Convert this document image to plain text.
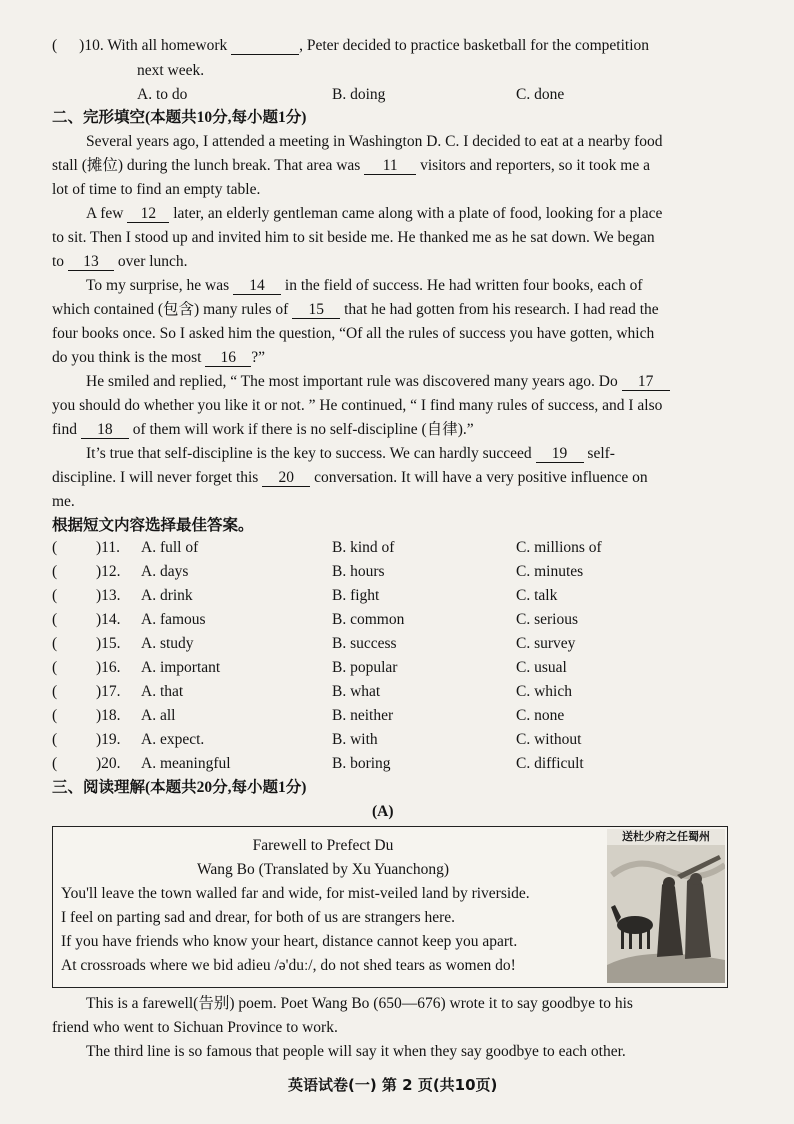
( )10. With all homework	, Peter decided to practice basketball for the competition
next week.
A. to do	B. doing	C. done
二、完形填空(本题共10分,每小题1分)
Several years ago, I attended a meeting in Washington D. C. I decided to eat at a nearby food
stall (摊位) during the lunch break. That area was 11 visitors and reporters, so it took me a
lot of time to find an empty table.
A few 12 later, an elderly gentleman came along with a plate of food, looking for a place
to sit. Then I stood up and invited him to sit beside me. He thanked me as he sat down. We began
to 13 over lunch.
To my surprise, he was 14 in the field of success. He had written four books, each of
which contained (包含) many rules of 15 that he had gotten from his research. I had read the
four books once. So I asked him the question, “Of all the rules of success you have gotten, which
do you think is the most 16 ?”
He smiled and replied, “ The most important rule was discovered many years ago. Do 17
you should do whether you like it or not. ” He continued, “ I find many rules of success, and I also
find 18 of them will work if there is no self-discipline (自律).”
It’s true that self-discipline is the key to success. We can hardly succeed 19 self-
discipline. I will never forget this 20 conversation. It will have a very positive influence on
me.
根据短文内容选择最佳答案。
(	)11. A. full of	B. kind of	C. millions of
(	)12. A. days	B. hours	C. minutes
(	)13. A. drink	B. fight	C. talk
(	)14. A. famous	B. common	C. serious
(	)15. A. study	B. success	C. survey
(	)16. A. important	B. popular	C. usual
(	)17. A. that	B. what	C. which
(	)18. A. all	B. neither	C. none
(	)19. A. expect.	B. with	C. without
(	)20. A. meaningful	B. boring	C. difficult
三、阅读理解(本题共20分,每小题1分)
(A)
Farewell to Prefect Du
Wang Bo (Translated by Xu Yuanchong)
You'll leave the town walled far and wide, for mist-veiled land by riverside.
I feel on parting sad and drear, for both of us are strangers here.
If you have friends who know your heart, distance cannot keep you apart.
At crossroads where we bid adieu /ə'duː/, do not shed tears as women do!
送杜少府之任蜀州
This is a farewell(告别) poem. Poet Wang Bo (650—676) wrote it to say goodbye to his
friend who went to Sichuan Province to work.
The third line is so famous that people will say it when they say goodbye to each other.
英语试卷(一) 第 2 页(共10页)
